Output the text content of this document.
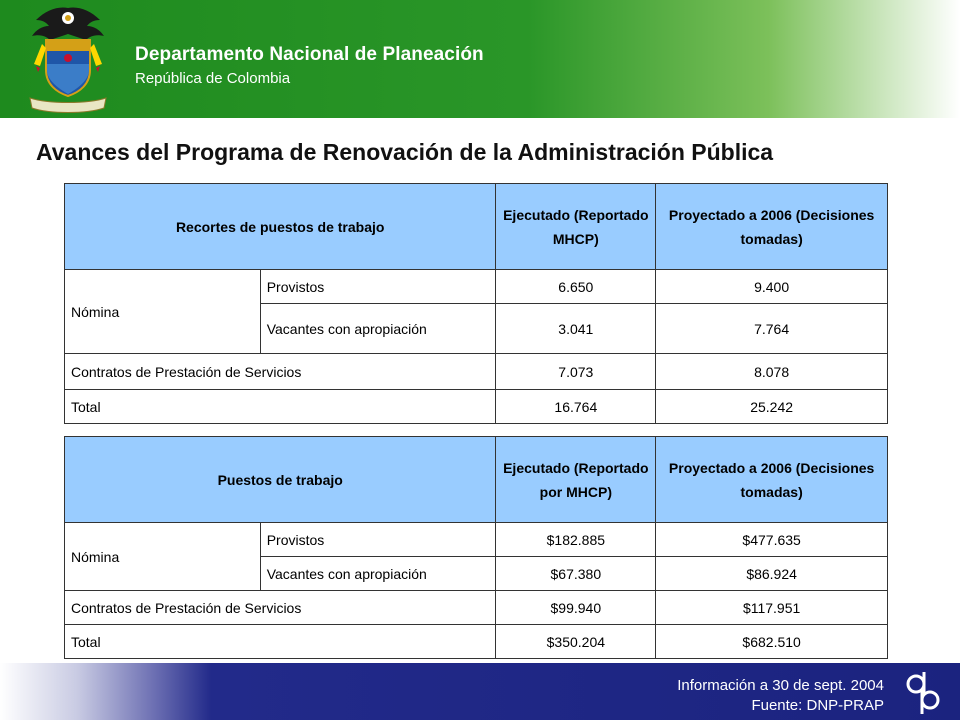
Departamento Nacional de Planeación
República de Colombia
Avances del Programa de Renovación de la Administración Pública
Recortes de puestos de trabajo		Ejecutado (Reportado MHCP)	Proyectado a 2006 (Decisiones tomadas)
Nómina	Provistos	6.650	9.400
	Vacantes con apropiación	3.041	7.764
Contratos de Prestación de Servicios		7.073	8.078
Total		16.764	25.242
Puestos de trabajo		Ejecutado (Reportado por MHCP)	Proyectado a 2006 (Decisiones tomadas)
Nómina	Provistos	$182.885	$477.635
	Vacantes con apropiación	$67.380	$86.924
Contratos de Prestación de Servicios		$99.940	$117.951
Total		$350.204	$682.510
Información a 30 de sept. 2004
Fuente: DNP-PRAP
